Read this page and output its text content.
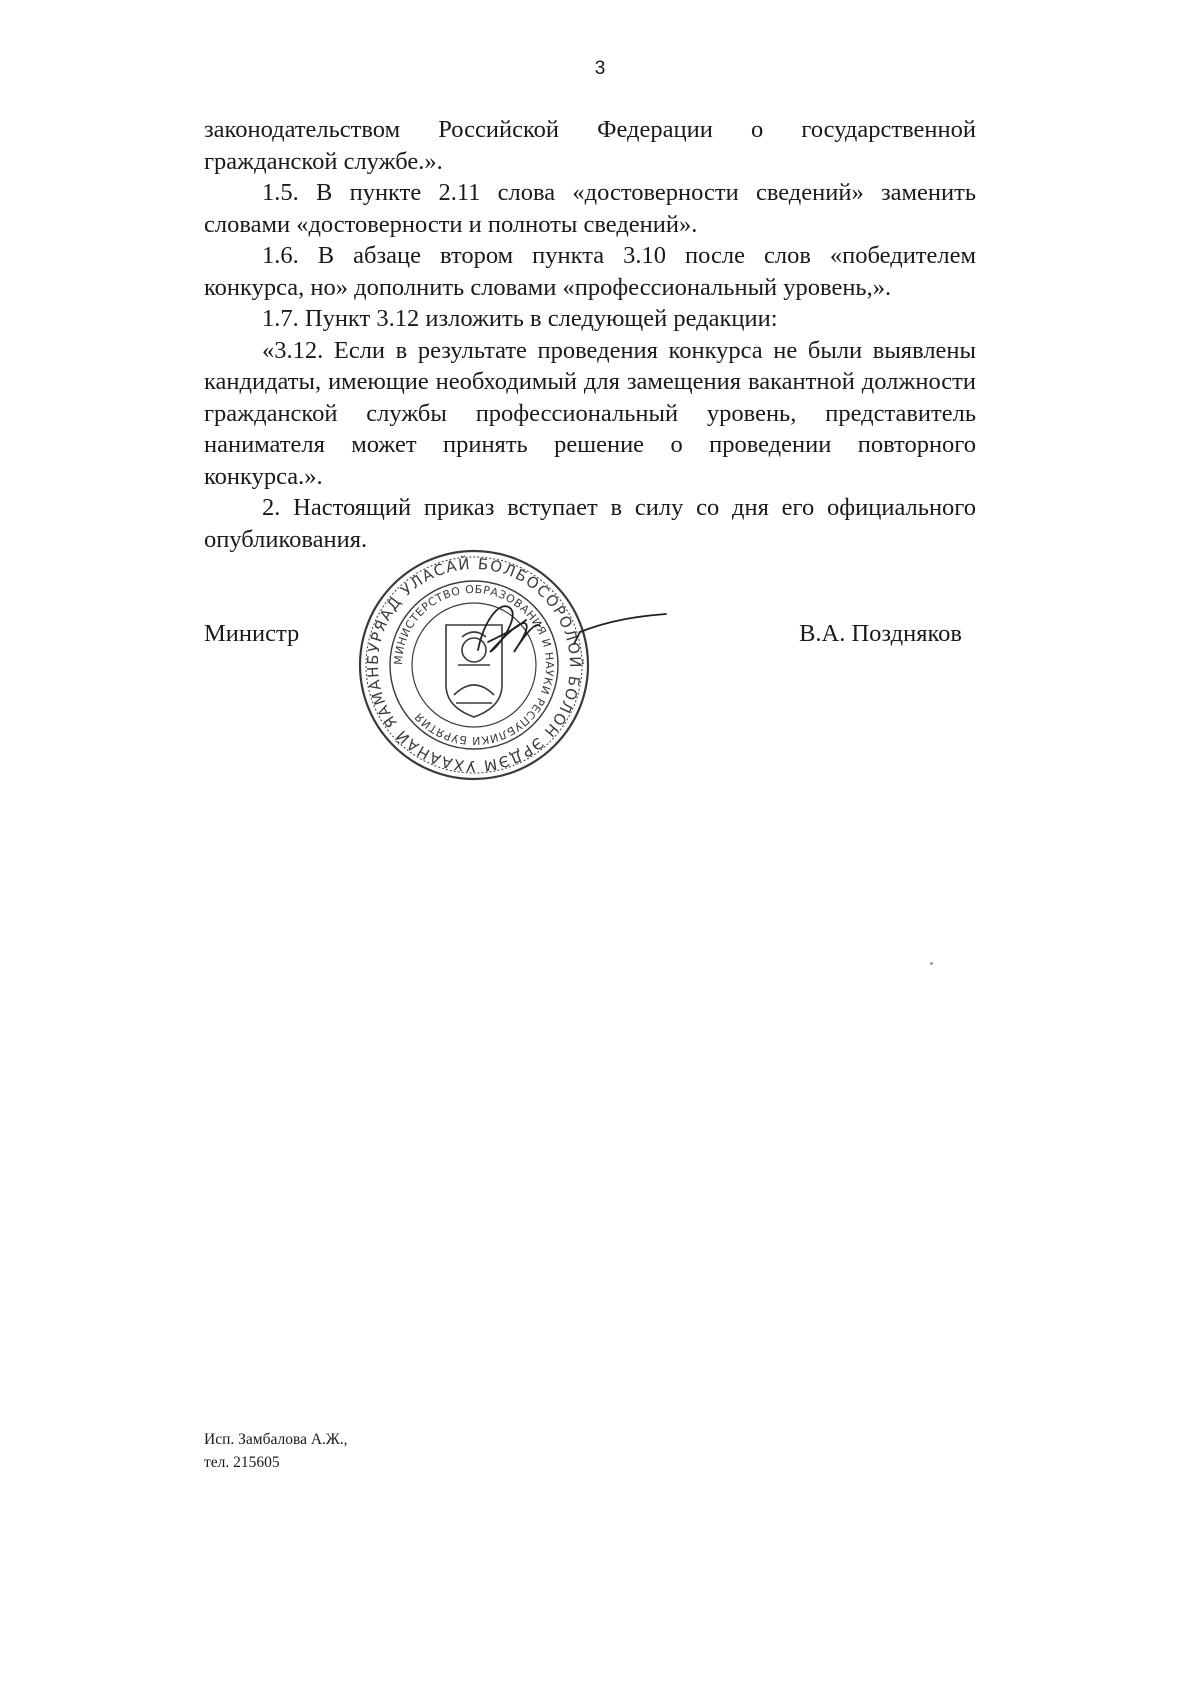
3

законодательством Российской Федерации о государственной гражданской службе.».

1.5. В пункте 2.11 слова «достоверности сведений» заменить словами «достоверности и полноты сведений».

1.6. В абзаце втором пункта 3.10 после слов «победителем конкурса, но» дополнить словами «профессиональный уровень,».

1.7. Пункт 3.12 изложить в следующей редакции:

«3.12. Если в результате проведения конкурса не были выявлены кандидаты, имеющие необходимый для замещения вакантной должности гражданской службы профессиональный уровень, представитель нанимателя может принять решение о проведении повторного конкурса.».

2. Настоящий приказ вступает в силу со дня его официального опубликования.

Министр	В.А. Поздняков
БУРЯАД УЛАСАЙ БОЛБОСОРОЛОЙ БОЛОН ЭРДЭМ УХААНАЙ ЯАМАН
МИНИСТЕРСТВО ОБРАЗОВАНИЯ И НАУКИ РЕСПУБЛИКИ БУРЯТИЯ
Исп. Замбалова А.Ж.,
тел. 215605
